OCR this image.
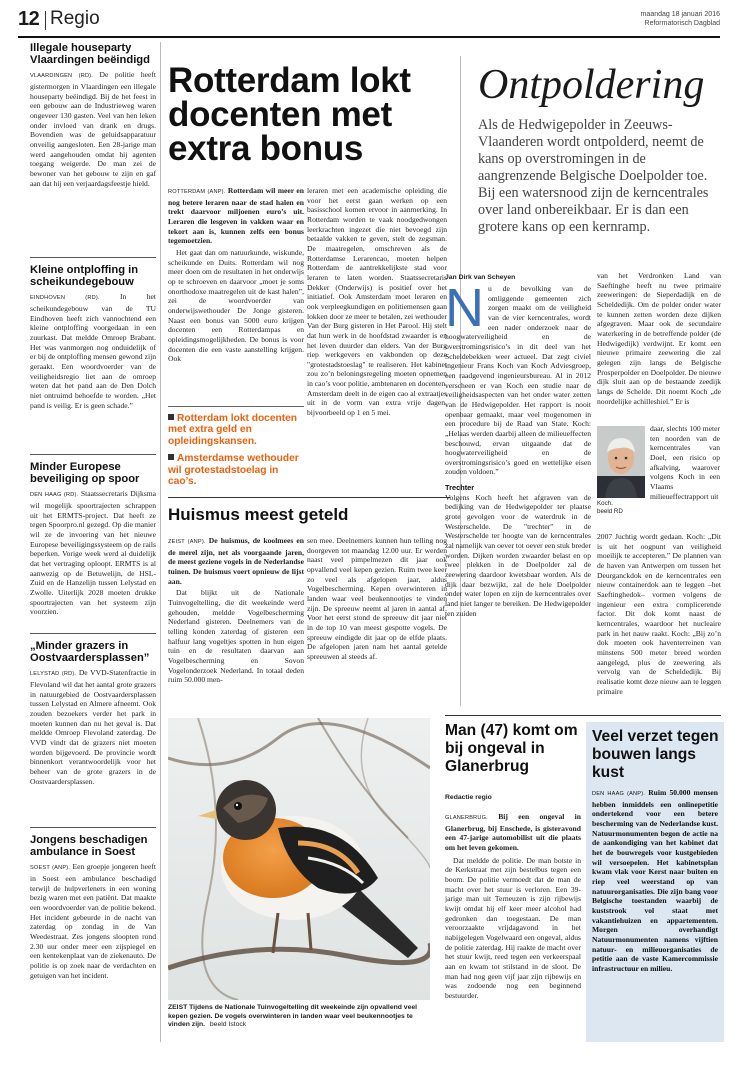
12 Regio	maandag 18 januari 2016
Reformatorisch Dagblad
Illegale houseparty Vlaardingen beëindigd
VLAARDINGEN (RD). De politie heeft gistermorgen in Vlaardingen een illegale houseparty beëindigd. Bij de het feest in een gebouw aan de Industrieweg waren ongeveer 130 gasten. Veel van hen leken onder invloed van drank en drugs. Bovendien was de geluidsapparatuur onveilig aangesloten. Een 28-jarige man werd aangehouden omdat hij agenten toegang weigerde. De man zei de bewoner van het gebouw te zijn en gaf aan dat hij een verjaardagsfeestje hield.
Kleine ontploffing in scheikundegebouw
EINDHOVEN (RD).	In het scheikundegebouw van de TU Eindhoven heeft zich vannochtend een kleine ontploffing voorgedaan in een zuurkast. Dat meldde Omroep Brabant. Het was vanmorgen nog onduidelijk of er bij de ontploffing mensen gewond zijn geraakt. Een woordvoerder van de veiligheidsregio liet aan de omroep weten dat het pand aan de Den Dolch niet ontruimd behoefde te worden. „Het pand is veilig. Er is geen schade.”
Minder Europese beveiliging op spoor
DEN HAAG (RD). Staatssecretaris Dijksma wil mogelijk spoortrajecten schrappen uit het ERMTS-project. Dat heeft ze tegen Spoorpro.nl gezegd. Op die manier wil ze de invoering van het nieuwe Europese beveiligingssysteem op de rails beperken. Vorige week werd al duidelijk dat het vertraging oploopt. ERMTS is al aanwezig op de Betuwelijn, de HSL-Zuid en de Hanzelijn tussen Lelystad en Zwolle. Uiterlijk 2028 moeten drukke spoortrajecten van het systeem zijn voorzien.
„Minder grazers in Oostvaardersplassen”
LELYSTAD (RD). De VVD-Statenfractie in Flevoland wil dat het aantal grote grazers in natuurgebied de Oostvaardersplassen tussen Lelystad en Almere afneemt. Ook zouden bezoekers verder het park in moeten kunnen dan nu het geval is. Dat meldde Omroep Flevoland zaterdag. De VVD vindt dat de grazers niet moeten worden bijgevoerd. De provincie wordt binnenkort verantwoordelijk voor het beheer van de grote grazers in de Oostvaardersplassen.
Jongens beschadigen ambulance in Soest
SOEST (ANP). Een groepje jongeren heeft in Soest een ambulance beschadigd terwijl de hulpverleners in een woning bezig waren met een patiënt. Dat maakte een woordvoerder van de politie bekend. Het incident gebeurde in de nacht van zaterdag op zondag in de Van Weedestraat. Zes jongens sloopten rond 2.30 uur onder meer een zijspiegel en een kentekenplaat van de ziekenauto. De politie is op zoek naar de verdachten en getuigen van het incident.
Rotterdam lokt docenten met extra bonus

ROTTERDAM (ANP). Rotterdam wil meer en nog betere leraren naar de stad halen en trekt daarvoor miljoenen euro’s uit. Leraren die lesgeven in vakken waar en tekort aan is, kunnen zelfs een bonus tegemoetzien.

Het gaat dan om natuurkunde, wiskunde, scheikunde en Duits. Rotterdam wil nog meer doen om de resultaten in het onderwijs op te schroeven en daarvoor „moet je soms onorthodoxe maatregelen uit de kast halen”, zei de woordvoerder van onderwijswethouder De Jonge gisteren. Naast een bonus van 5000 euro krijgen docenten een Rotterdampas en opleidingsmogelijkheden. De bonus is voor docenten die een vaste aanstelling krijgen. Ook

Rotterdam lokt docenten met extra geld en opleidingskansen.
Amsterdamse wethouder wil grotestadstoelag in cao’s.
leraren met een academische opleiding die voor het eerst gaan werken op een basisschool komen ervoor in aanmerking. In Rotterdam worden te vaak noodgedwongen leerkrachten ingezet die niet bevoegd zijn betaalde vakken te geven, stelt de zegsman. De maatregelen, omschreven als de Rotterdamse Lerarencao, moeten helpen Rotterdam de aantrekkelijkste stad voor leraren te laten worden. Staatssecretaris Dekker (Onderwijs) is positief over het initiatief. Ook Amsterdam moet leraren en ook verpleegkundigen en politiemensen gaan lokken door ze meer te betalen, zei wethouder Van der Burg gisteren in Het Parool. Hij stelt dat hun werk in de hoofdstad zwaarder is en het leven duurder dan elders. Van der Burg riep werkgevers en vakbonden op deze "grotestadstoeslag" te realiseren. Het kabinet zou zo’n beloningsregeling moeten opnemen in cao’s voor politie, ambtenaren en docenten. Amsterdam deelt in de eigen cao al extraatjes uit in de vorm van extra vrije dagen, bijvoorbeeld op 1 en 5 mei.
Huismus meest geteld

ZEIST (ANP). De huismus, de koolmees en de merel zijn, net als voorgaande jaren, de meest geziene vogels in de Nederlandse tuinen. De huismus voert opnieuw de lijst aan.

Dat blijkt uit de Nationale Tuinvogeltelling, die dit weekeinde werd gehouden, meldde Vogelbescherming Nederland gisteren. Deelnemers van de telling konden zaterdag of gisteren een halfuur lang vogeltjes spotten in hun eigen tuin en de resultaten daarvan aan Vogelbescherming en Sovon Vogelonderzoek Nederland. In totaal deden ruim 50.000 men-

sen mee. Deelnemers kunnen hun telling nog doorgeven tot maandag 12.00 uur. Er werden naast veel pimpelmezen dit jaar ook opvallend veel kepen gezien. Ruim twee keer zo veel als afgelopen jaar, aldus Vogelbescherming. Kepen overwinteren in landen waar veel beukennootjes te vinden zijn. De spreeuw neemt al jaren in aantal af. Voor het eerst stond de spreeuw dit jaar niet in de top 10 van meest gespotte vogels. De spreeuw eindigde dit jaar op de elfde plaats. De afgelopen jaren nam het aantal getelde spreeuwen al steeds af.
ZEIST Tijdens de Nationale Tuinvogeltelling dit weekeinde zijn opvallend veel kepen gezien. De vogels overwinteren in landen waar veel beukennootjes te vinden zijn. beeld Istock
Ontpoldering
Als de Hedwigepolder in Zeeuws-Vlaanderen wordt ontpolderd, neemt de kans op overstromingen in de aangrenzende Belgische Doelpolder toe. Bij een watersnood zijn de kerncentrales over land onbereikbaar. Er is dan een grotere kans op een kernramp.
Jan Dirk van Scheyen
N u de bevolking van de omliggende gemeenten zich zorgen maakt om de veiligheid van de vier kerncentrales, wordt een nader onderzoek naar de hoogwaterveiligheid en de overstromingsrisico’s in dit deel van het Scheldebekken weer actueel. Dat zegt civiel ingenieur Frans Koch van Koch Adviesgroep, een raadgevend ingenieursbureau. Al in 2012 verscheen er van Koch een studie naar de veiligheidsaspecten van het onder water zetten van de Hedwigepolder. Het rapport is nooit openbaar gemaakt, maar veel mogenomen in een procedure bij de Raad van State. Koch: „Helaas werden daarbij alleen de milieueffecten beschouwd, ervan uitgaande dat de hoogwaterveiligheid en de overstromingsrisico’s goed en wettelijke eisen zouden voldoen.”
Trechter
Volgens Koch heeft het afgraven van de bedijking van de Hedwigepolder ter plaatse grote gevolgen voor de waterdruk in de Westerschelde. De "trechter" in de Westerschelde ter hoogte van de kerncentrales zal namelijk van oever tot oever een stuk breder worden. Dijken worden zwaarder belast en op twee plekken in de Doelpolder zal de zeewering daardoor kwetsbaar worden. Als de dijk daar bezwijkt, zal de hele Doelpolder onder water lopen en zijn de kerncentrales over land niet langer te bereiken. De Hedwigepolder ten zuiden
van het Verdronken Land van Saeftinghe heeft nu twee primaire zeeweringen: de Sieperdadijk en de Scheldedijk. Om de polder onder water te kunnen zetten worden deze dijken afgegraven. Maar ook de secundaire waterkering in de betreffende polder (de Hedwigedijk) verdwijnt. Er komt een nieuwe primaire zeewering die zal gelegen zijn langs de Belgische Prosperpolder en Doelpolder. De nieuwe dijk sluit aan op de bestaande zeedijk langs de Schelde. Dit noemt Koch „de noordelijke achilleshiel.” Er is
Koch.
beeld RD
daar, slechts 100 meter ten noorden van de kerncentrales van Doel, een risico op afkalving, waarover volgens Koch in een Vlaams milieueffectrapport uit
2007 Juchtig wordt gedaan. Koch: „Dit is uit het oogpunt van veiligheid moeilijk te accepteren.” De plannen van de haven van Antwerpen om tussen het Deurganckdok en de kerncentrales een nieuw containerdok aan te leggen –het Saeftinghedok– vormen volgens de ingenieur een extra complicerende factor. Dit dok komt naast de kerncentrales, waardoor het nucleaire park in het nauw raakt. Koch: „Bij zo’n dok moeten ook haventerreinen van minstens 500 meter breed worden aangelegd, plus de zeewering als vervolg van de Scheldedijk. Bij realisatie komt deze nieuw aan te leggen primaire
Man (47) komt om bij ongeval in Glanerbrug
Redactie regio

GLANERBRUG. Bij een ongeval in Glanerbrug, bij Enschede, is gisteravond een 47-jarige automobilist uit die plaats om het leven gekomen.

Dat meldde de politie. De man botste in de Kerkstraat met zijn bestelbus tegen een boom. De politie vermoedt dat de man de macht over het stuur is verloren. Een 39-jarige man uit Terneuzen is zijn rijbewijs kwijt omdat hij elf keer meer alcohol had gedronken dan toegestaan. De man veroorzaakte vrijdagavond in het nabijgelegen Vogelwaard een ongeval, aldus de politie zaterdag. Hij raakte de macht over het stuur kwijt, reed tegen een verkeerspaal aan en kwam tot stilstand in de sloot. De man had nog geen vijf jaar zijn rijbewijs en was zodoende nog een beginnend bestuurder.

Veel verzet tegen bouwen langs kust
DEN HAAG (ANP). Ruim 50.000 mensen hebben inmiddels een onlinepetitie ondertekend voor een betere bescherming van de Nederlandse kust. Natuurmonumenten begon de actie na de aankondiging van het kabinet dat het de bouwregels voor kustgebieden wil versoepelen. Het kabinetsplan kwam vlak voor Kerst naar buiten en riep veel weerstand op van natuurorganisaties. Die zijn bang voor Belgische toestanden waarbij de kuststrook vol staat met vakantiehuizen en appartementen. Morgen overhandigt Natuurmonumenten namens vijftien natuur- en milieuorganisaties de petitie aan de vaste Kamercommissie infrastructuur en milieu.
